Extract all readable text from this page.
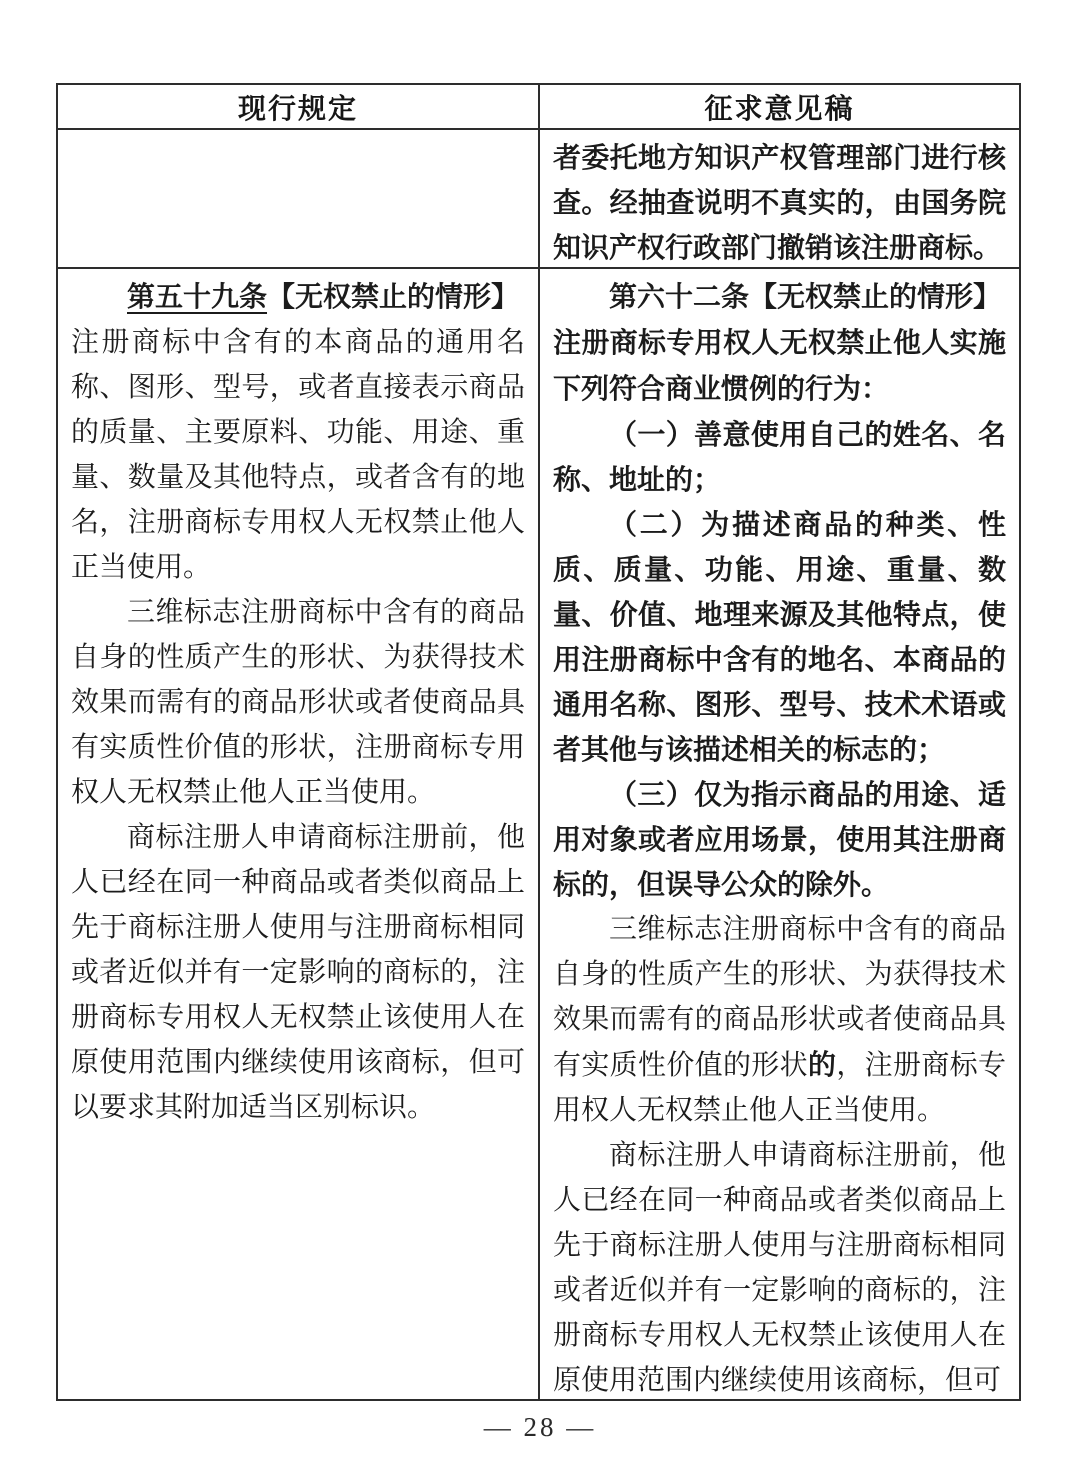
现行规定	征求意见稿

者委托地方知识产权管理部门进行核查。经抽查说明不真实的，由国务院知识产权行政部门撤销该注册商标。

第五十九条【无权禁止的情形】　注册商标中含有的本商品的通用名称、图形、型号，或者直接表示商品的质量、主要原料、功能、用途、重量、数量及其他特点，或者含有的地名，注册商标专用权人无权禁止他人正当使用。

三维标志注册商标中含有的商品自身的性质产生的形状、为获得技术效果而需有的商品形状或者使商品具有实质性价值的形状，注册商标专用权人无权禁止他人正当使用。

商标注册人申请商标注册前，他人已经在同一种商品或者类似商品上先于商标注册人使用与注册商标相同或者近似并有一定影响的商标的，注册商标专用权人无权禁止该使用人在原使用范围内继续使用该商标，但可以要求其附加适当区别标识。

第六十二条【无权禁止的情形】　注册商标专用权人无权禁止他人实施下列符合商业惯例的行为：

（一）善意使用自己的姓名、名称、地址的；

（二）为描述商品的种类、性质、质量、功能、用途、重量、数量、价值、地理来源及其他特点，使用注册商标中含有的地名、本商品的通用名称、图形、型号、技术术语或者其他与该描述相关的标志的；

（三）仅为指示商品的用途、适用对象或者应用场景，使用其注册商标的，但误导公众的除外。

三维标志注册商标中含有的商品自身的性质产生的形状、为获得技术效果而需有的商品形状或者使商品具有实质性价值的形状的，注册商标专用权人无权禁止他人正当使用。

商标注册人申请商标注册前，他人已经在同一种商品或者类似商品上先于商标注册人使用与注册商标相同或者近似并有一定影响的商标的，注册商标专用权人无权禁止该使用人在原使用范围内继续使用该商标，但可

— 28 —
